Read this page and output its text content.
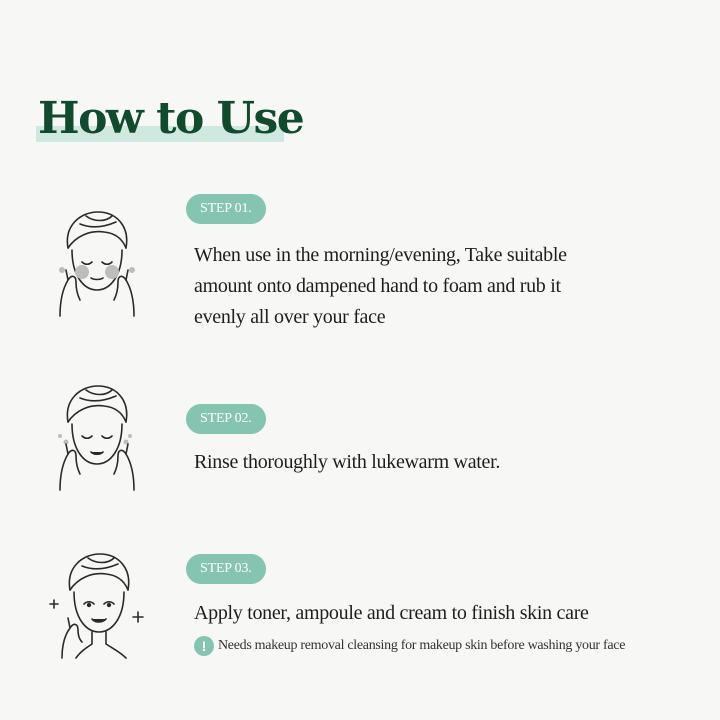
How to Use
STEP 01.
When use in the morning/evening, Take suitable
amount onto dampened hand to foam and rub it
evenly all over your face
STEP 02.
Rinse thoroughly with lukewarm water.
STEP 03.
Apply toner, ampoule and cream to finish skin care
! Needs makeup removal cleansing for makeup skin before washing your face
